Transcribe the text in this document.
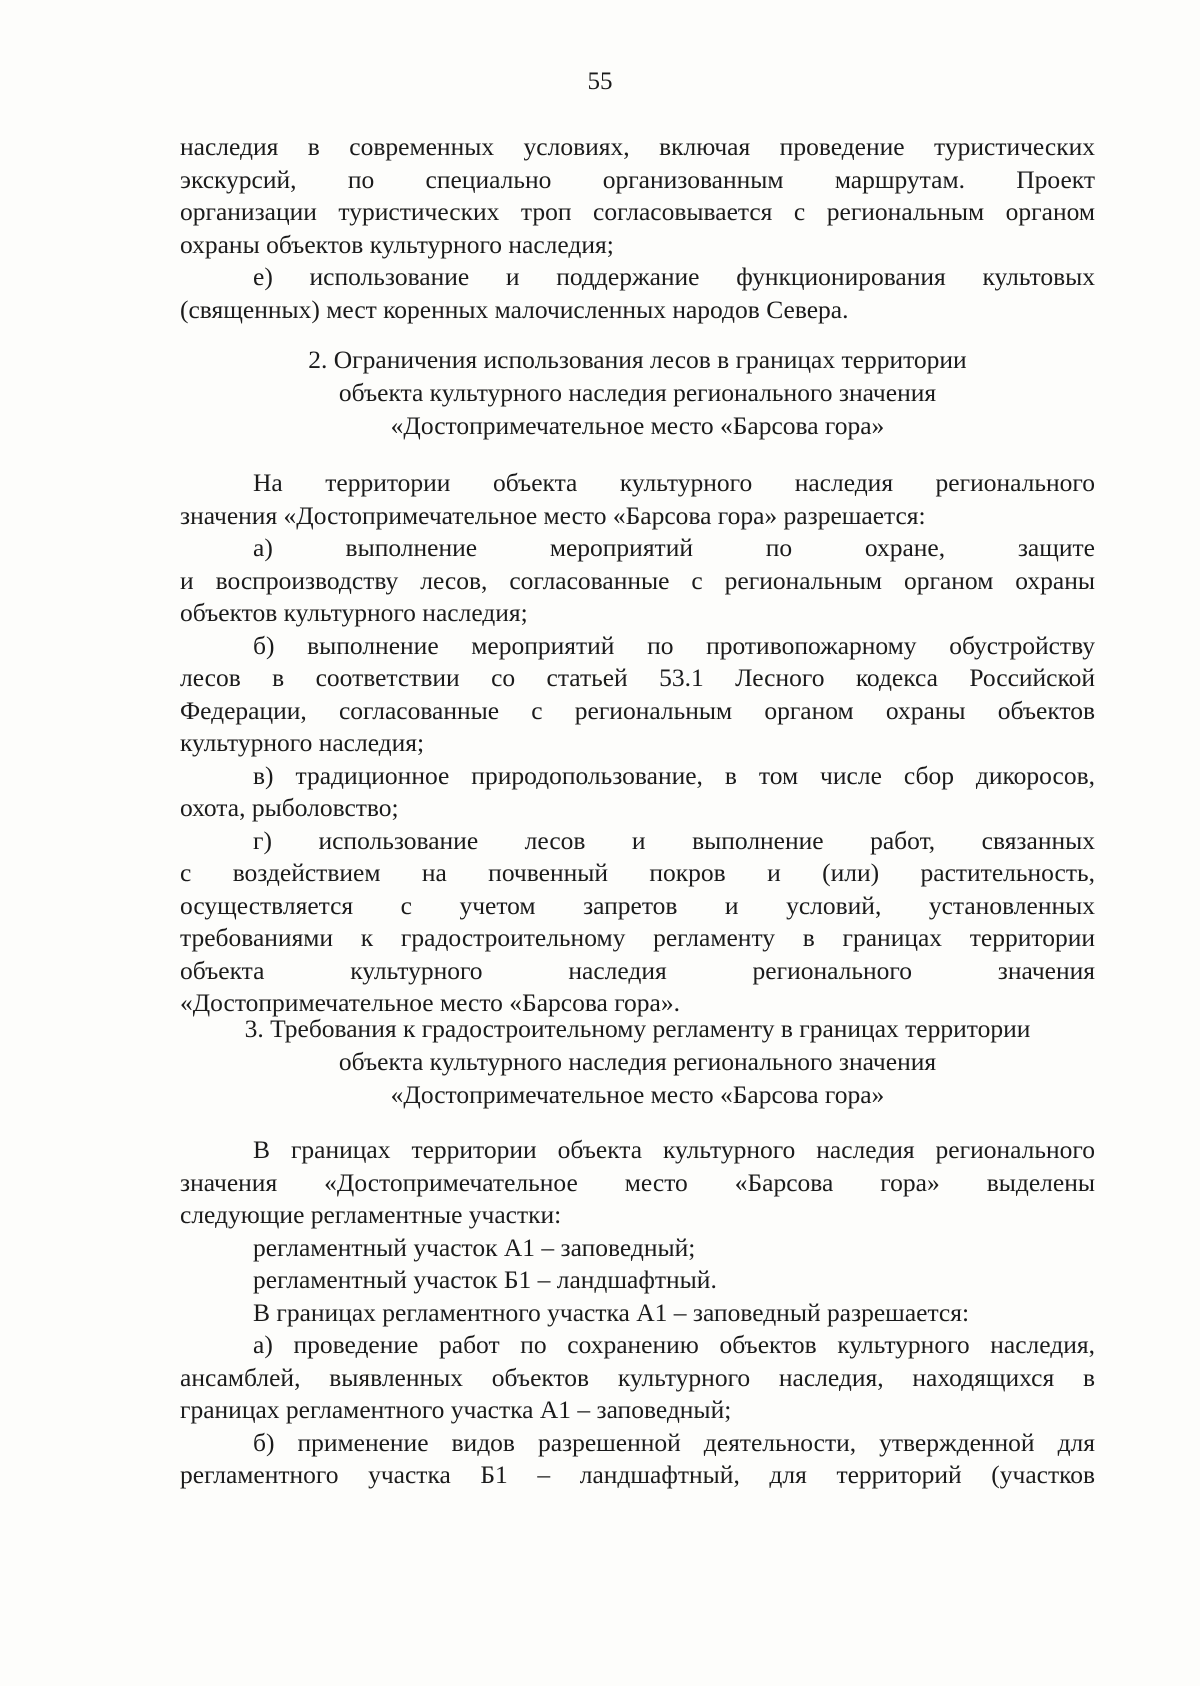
55
наследия в современных условиях, включая проведение туристических
экскурсий, по специально организованным маршрутам. Проект
организации туристических троп согласовывается с региональным органом
охраны объектов культурного наследия;
е) использование и поддержание функционирования культовых
(священных) мест коренных малочисленных народов Севера.
2. Ограничения использования лесов в границах территории
объекта культурного наследия регионального значения
«Достопримечательное место «Барсова гора»
На территории объекта культурного наследия регионального
значения «Достопримечательное место «Барсова гора» разрешается:
а) выполнение мероприятий по охране, защите
и воспроизводству лесов, согласованные с региональным органом охраны
объектов культурного наследия;
б) выполнение мероприятий по противопожарному обустройству
лесов в соответствии со статьей 53.1 Лесного кодекса Российской
Федерации, согласованные с региональным органом охраны объектов
культурного наследия;
в) традиционное природопользование, в том числе сбор дикоросов,
охота, рыболовство;
г) использование лесов и выполнение работ, связанных
с воздействием на почвенный покров и (или) растительность,
осуществляется с учетом запретов и условий, установленных
требованиями к градостроительному регламенту в границах территории
объекта культурного наследия регионального значения
«Достопримечательное место «Барсова гора».
3. Требования к градостроительному регламенту в границах территории
объекта культурного наследия регионального значения
«Достопримечательное место «Барсова гора»
В границах территории объекта культурного наследия регионального
значения «Достопримечательное место «Барсова гора» выделены
следующие регламентные участки:
регламентный участок А1 – заповедный;
регламентный участок Б1 – ландшафтный.
В границах регламентного участка А1 – заповедный разрешается:
а) проведение работ по сохранению объектов культурного наследия,
ансамблей, выявленных объектов культурного наследия, находящихся в
границах регламентного участка А1 – заповедный;
б) применение видов разрешенной деятельности, утвержденной для
регламентного участка Б1 – ландшафтный, для территорий (участков
